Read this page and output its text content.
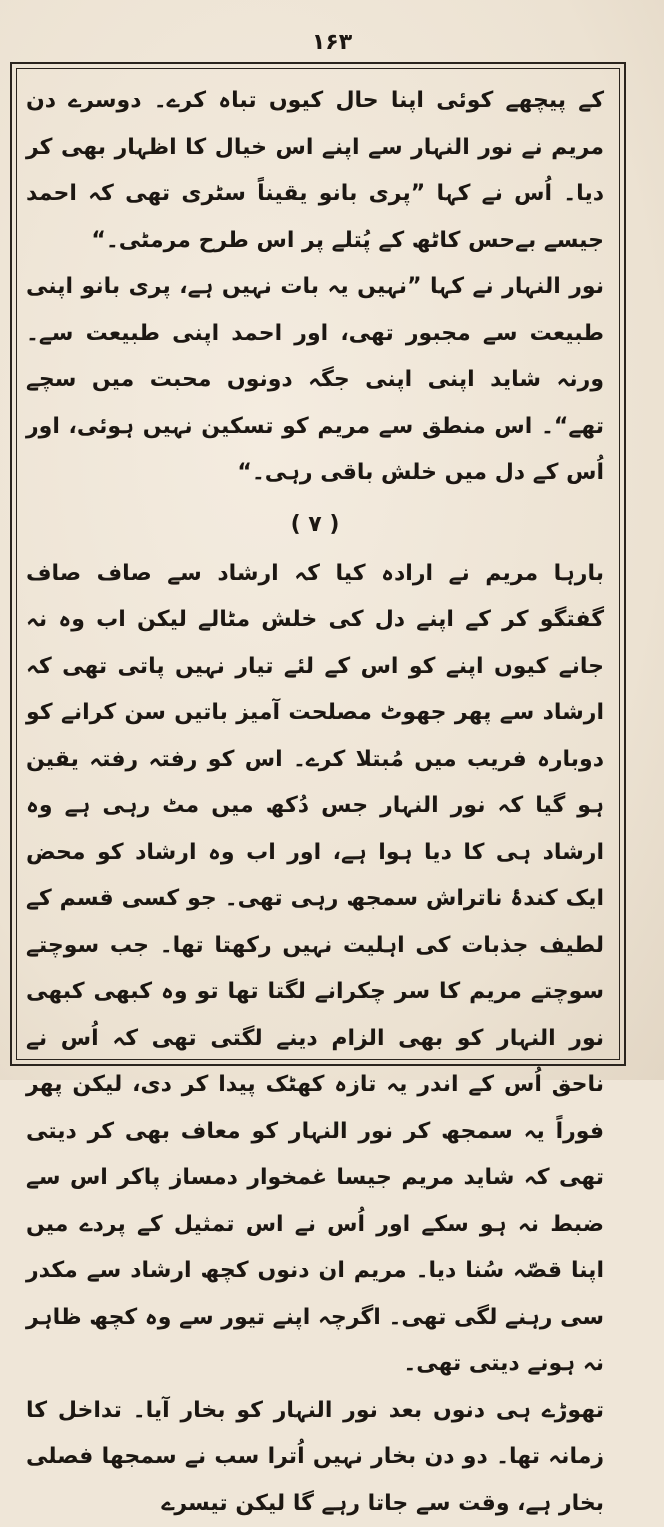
۱۶۳

کے پیچھے کوئی اپنا حال کیوں تباہ کرے۔ دوسرے دن مریم نے نور النہار سے اپنے اس خیال کا اظہار بھی کر دیا۔ اُس نے کہا ”پری بانو یقیناً سٹری تھی کہ احمد جیسے بےحس کاٹھ کے پُتلے پر اس طرح مرمٹی۔“

نور النہار نے کہا ”نہیں یہ بات نہیں ہے، پری بانو اپنی طبیعت سے مجبور تھی، اور احمد اپنی طبیعت سے۔ ورنہ شاید اپنی اپنی جگہ دونوں محبت میں سچے تھے“۔ اس منطق سے مریم کو تسکین نہیں ہوئی، اور اُس کے دل میں خلش باقی رہی۔“

( ۷ )

بارہا مریم نے ارادہ کیا کہ ارشاد سے صاف صاف گفتگو کر کے اپنے دل کی خلش مٹالے لیکن اب وہ نہ جانے کیوں اپنے کو اس کے لئے تیار نہیں پاتی تھی کہ ارشاد سے پھر جھوٹ مصلحت آمیز باتیں سن کرانے کو دوبارہ فریب میں مُبتلا کرے۔ اس کو رفتہ رفتہ یقین ہو گیا کہ نور النہار جس دُکھ میں مٹ رہی ہے وہ ارشاد ہی کا دیا ہوا ہے، اور اب وہ ارشاد کو محض ایک کندۂ ناتراش سمجھ رہی تھی۔ جو کسی قسم کے لطیف جذبات کی اہلیت نہیں رکھتا تھا۔ جب سوچتے سوچتے مریم کا سر چکرانے لگتا تھا تو وہ کبھی کبھی نور النہار کو بھی الزام دینے لگتی تھی کہ اُس نے ناحق اُس کے اندر یہ تازہ کھٹک پیدا کر دی، لیکن پھر فوراً یہ سمجھ کر نور النہار کو معاف بھی کر دیتی تھی کہ شاید مریم جیسا غمخوار دمساز پاکر اس سے ضبط نہ ہو سکے اور اُس نے اس تمثیل کے پردے میں اپنا قصّہ سُنا دیا۔ مریم ان دنوں کچھ ارشاد سے مکدر سی رہنے لگی تھی۔ اگرچہ اپنے تیور سے وہ کچھ ظاہر نہ ہونے دیتی تھی۔

تھوڑے ہی دنوں بعد نور النہار کو بخار آیا۔ تداخل کا زمانہ تھا۔ دو دن بخار نہیں اُترا سب نے سمجھا فصلی بخار ہے، وقت سے جاتا رہے گا لیکن تیسرے
